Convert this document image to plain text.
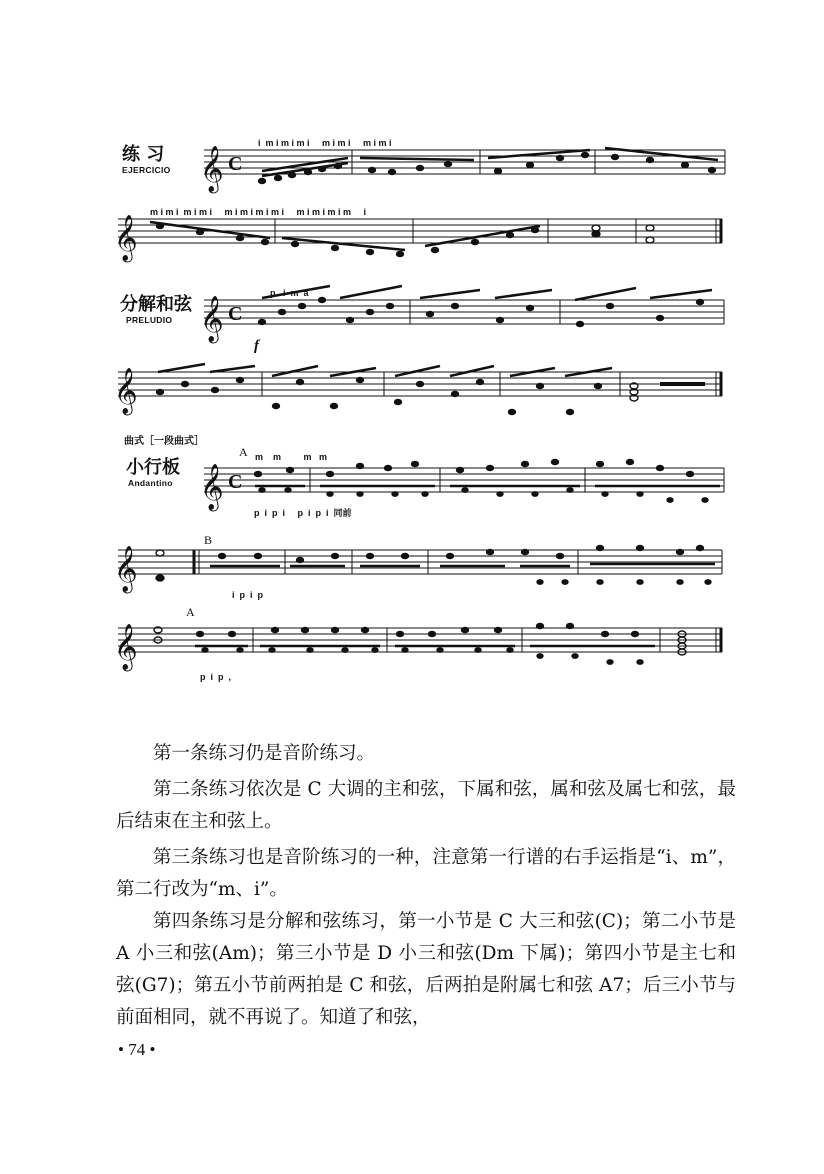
练 习
EJERCICIO
分解和弦
PRELUDIO
曲式［一段曲式］
小行板
Andantino
𝄞
𝄞
𝄞
𝄞
𝄞
𝄞
𝄞
C
C
C
i  m i m i m i     m i m i     m i m i
m i m i  m i m i     m i m i m i m i     m i m i m i m     i
p   i  m  a
m    m         m   m
p  i  p  i     p  i  p  i  同前
i  p  i  p
p  i  p  ,
A
B
A
f
第一条练习仍是音阶练习。
第二条练习依次是 C 大调的主和弦，下属和弦，属和弦及属七和弦，最后结束在主和弦上。
第三条练习也是音阶练习的一种，注意第一行谱的右手运指是“i、m”，第二行改为“m、i”。
第四条练习是分解和弦练习，第一小节是 C 大三和弦(C)；第二小节是 A 小三和弦(Am)；第三小节是 D 小三和弦(Dm 下属)；第四小节是主七和弦(G7)；第五小节前两拍是 C 和弦，后两拍是附属七和弦 A7；后三小节与前面相同，就不再说了。知道了和弦，
• 74 •
